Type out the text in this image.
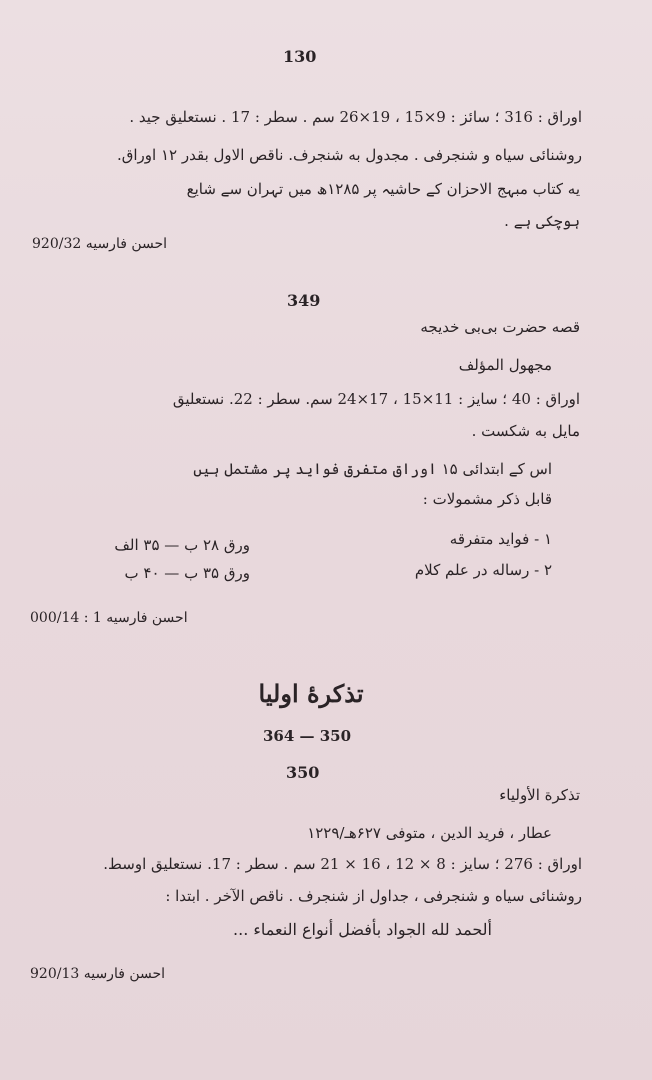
130
اوراق : 316 ؛ سائز : 9×15 ، 19×26 سم . سطر : 17 . نستعلیق جید .
روشنائی سیاه و شنجرفی . مجدول به شنجرف. ناقص الاول بقدر ۱۲ اوراق.
یه کتاب مبہج الاحزان کے حاشیہ پر ۱۲۸۵ھ میں تہران سے شایع
ہوچکی ہے .
احسن فارسیه 920/32
349
قصه حضرت بی‌بی خدیجه
مجهول المؤلف
اوراق : 40 ؛ سایز : 11×15 ، 17×24 سم. سطر : 22. نستعلیق
مایل به شکست .
اس کے ابتدائی ۱۵ اوراق متفرق فواید پر مشتمل ہیں
قابل ذکر مشمولات :
۱ - فواید متفرقه
ورق ۲۸ ب — ۳۵ الف
۲ - رساله در علم کلام
ورق ۳۵ ب — ۴۰ ب
احسن فارسیه 1 : 000/14
تذکرهٔ اولیا
350 — 364
350
تذکرة الأولیاء
عطار ، فرید الدین ، متوفی ۶۲۷هـ/۱۲۲۹
اوراق : 276 ؛ سایز : 8 × 12 ، 16 × 21 سم . سطر : 17. نستعلیق اوسط.
روشنائی سیاه و شنجرفی ، جداول از شنجرف . ناقص الآخر . ابتدا :
ألحمد لله الجواد بأفضل أنواع النعماء ...
احسن فارسیه 920/13
